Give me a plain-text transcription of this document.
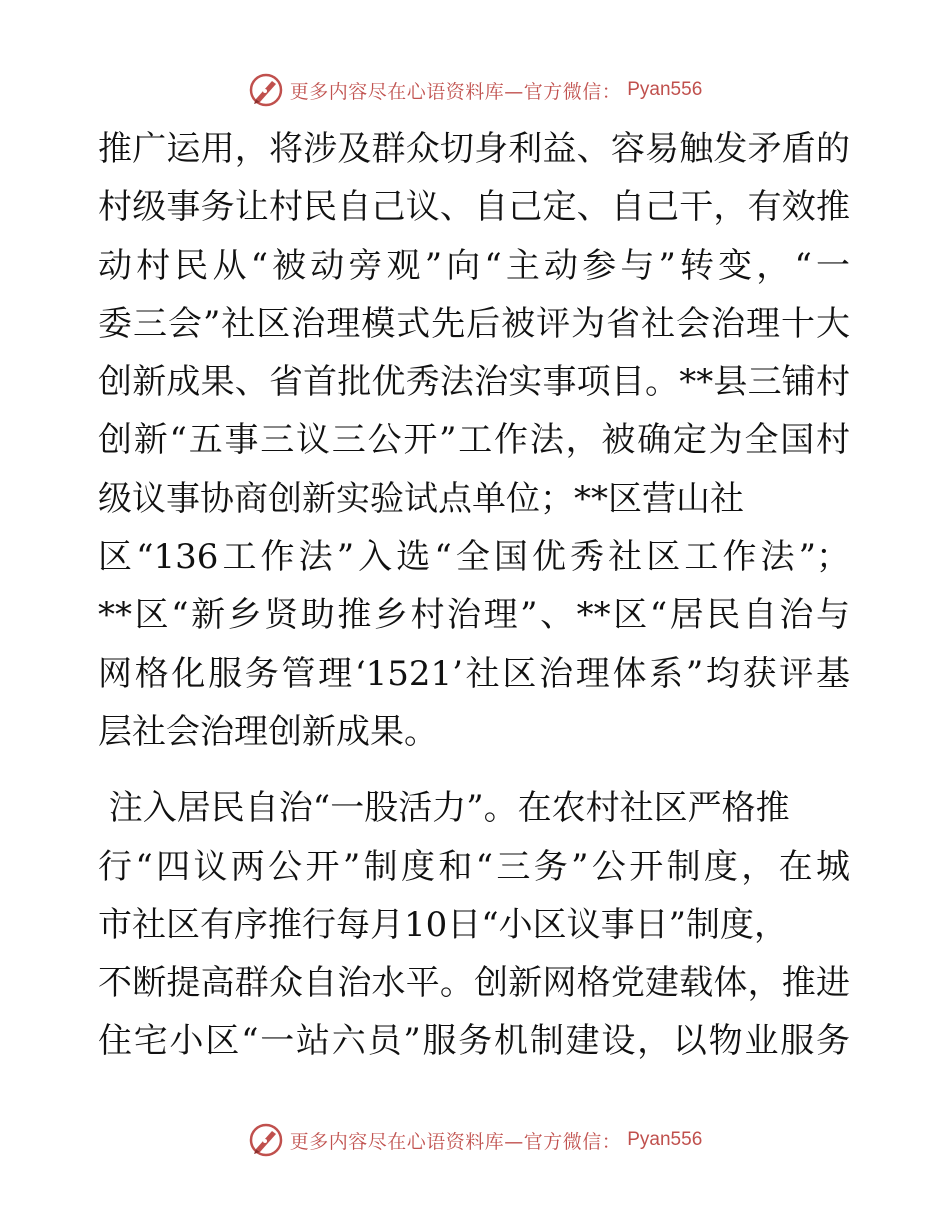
更多内容尽在心语资料库—官方微信： Pyan556
推广运用，将涉及群众切身利益、容易触发矛盾的
村级事务让村民自己议、自己定、自己干，有效推
动村民从“被动旁观”向“主动参与”转变，“一
委三会”社区治理模式先后被评为省社会治理十大
创新成果、省首批优秀法治实事项目。**县三铺村
创新“五事三议三公开”工作法，被确定为全国村
级议事协商创新实验试点单位；**区营山社
区“136工作法”入选“全国优秀社区工作法”；
**区“新乡贤助推乡村治理”、**区“居民自治与
网格化服务管理‘1521’社区治理体系”均获评基
层社会治理创新成果。
注入居民自治“一股活力”。在农村社区严格推
行“四议两公开”制度和“三务”公开制度，在城
市社区有序推行每月10日“小区议事日”制度，
不断提高群众自治水平。创新网格党建载体，推进
住宅小区“一站六员”服务机制建设，以物业服务
更多内容尽在心语资料库—官方微信： Pyan556
